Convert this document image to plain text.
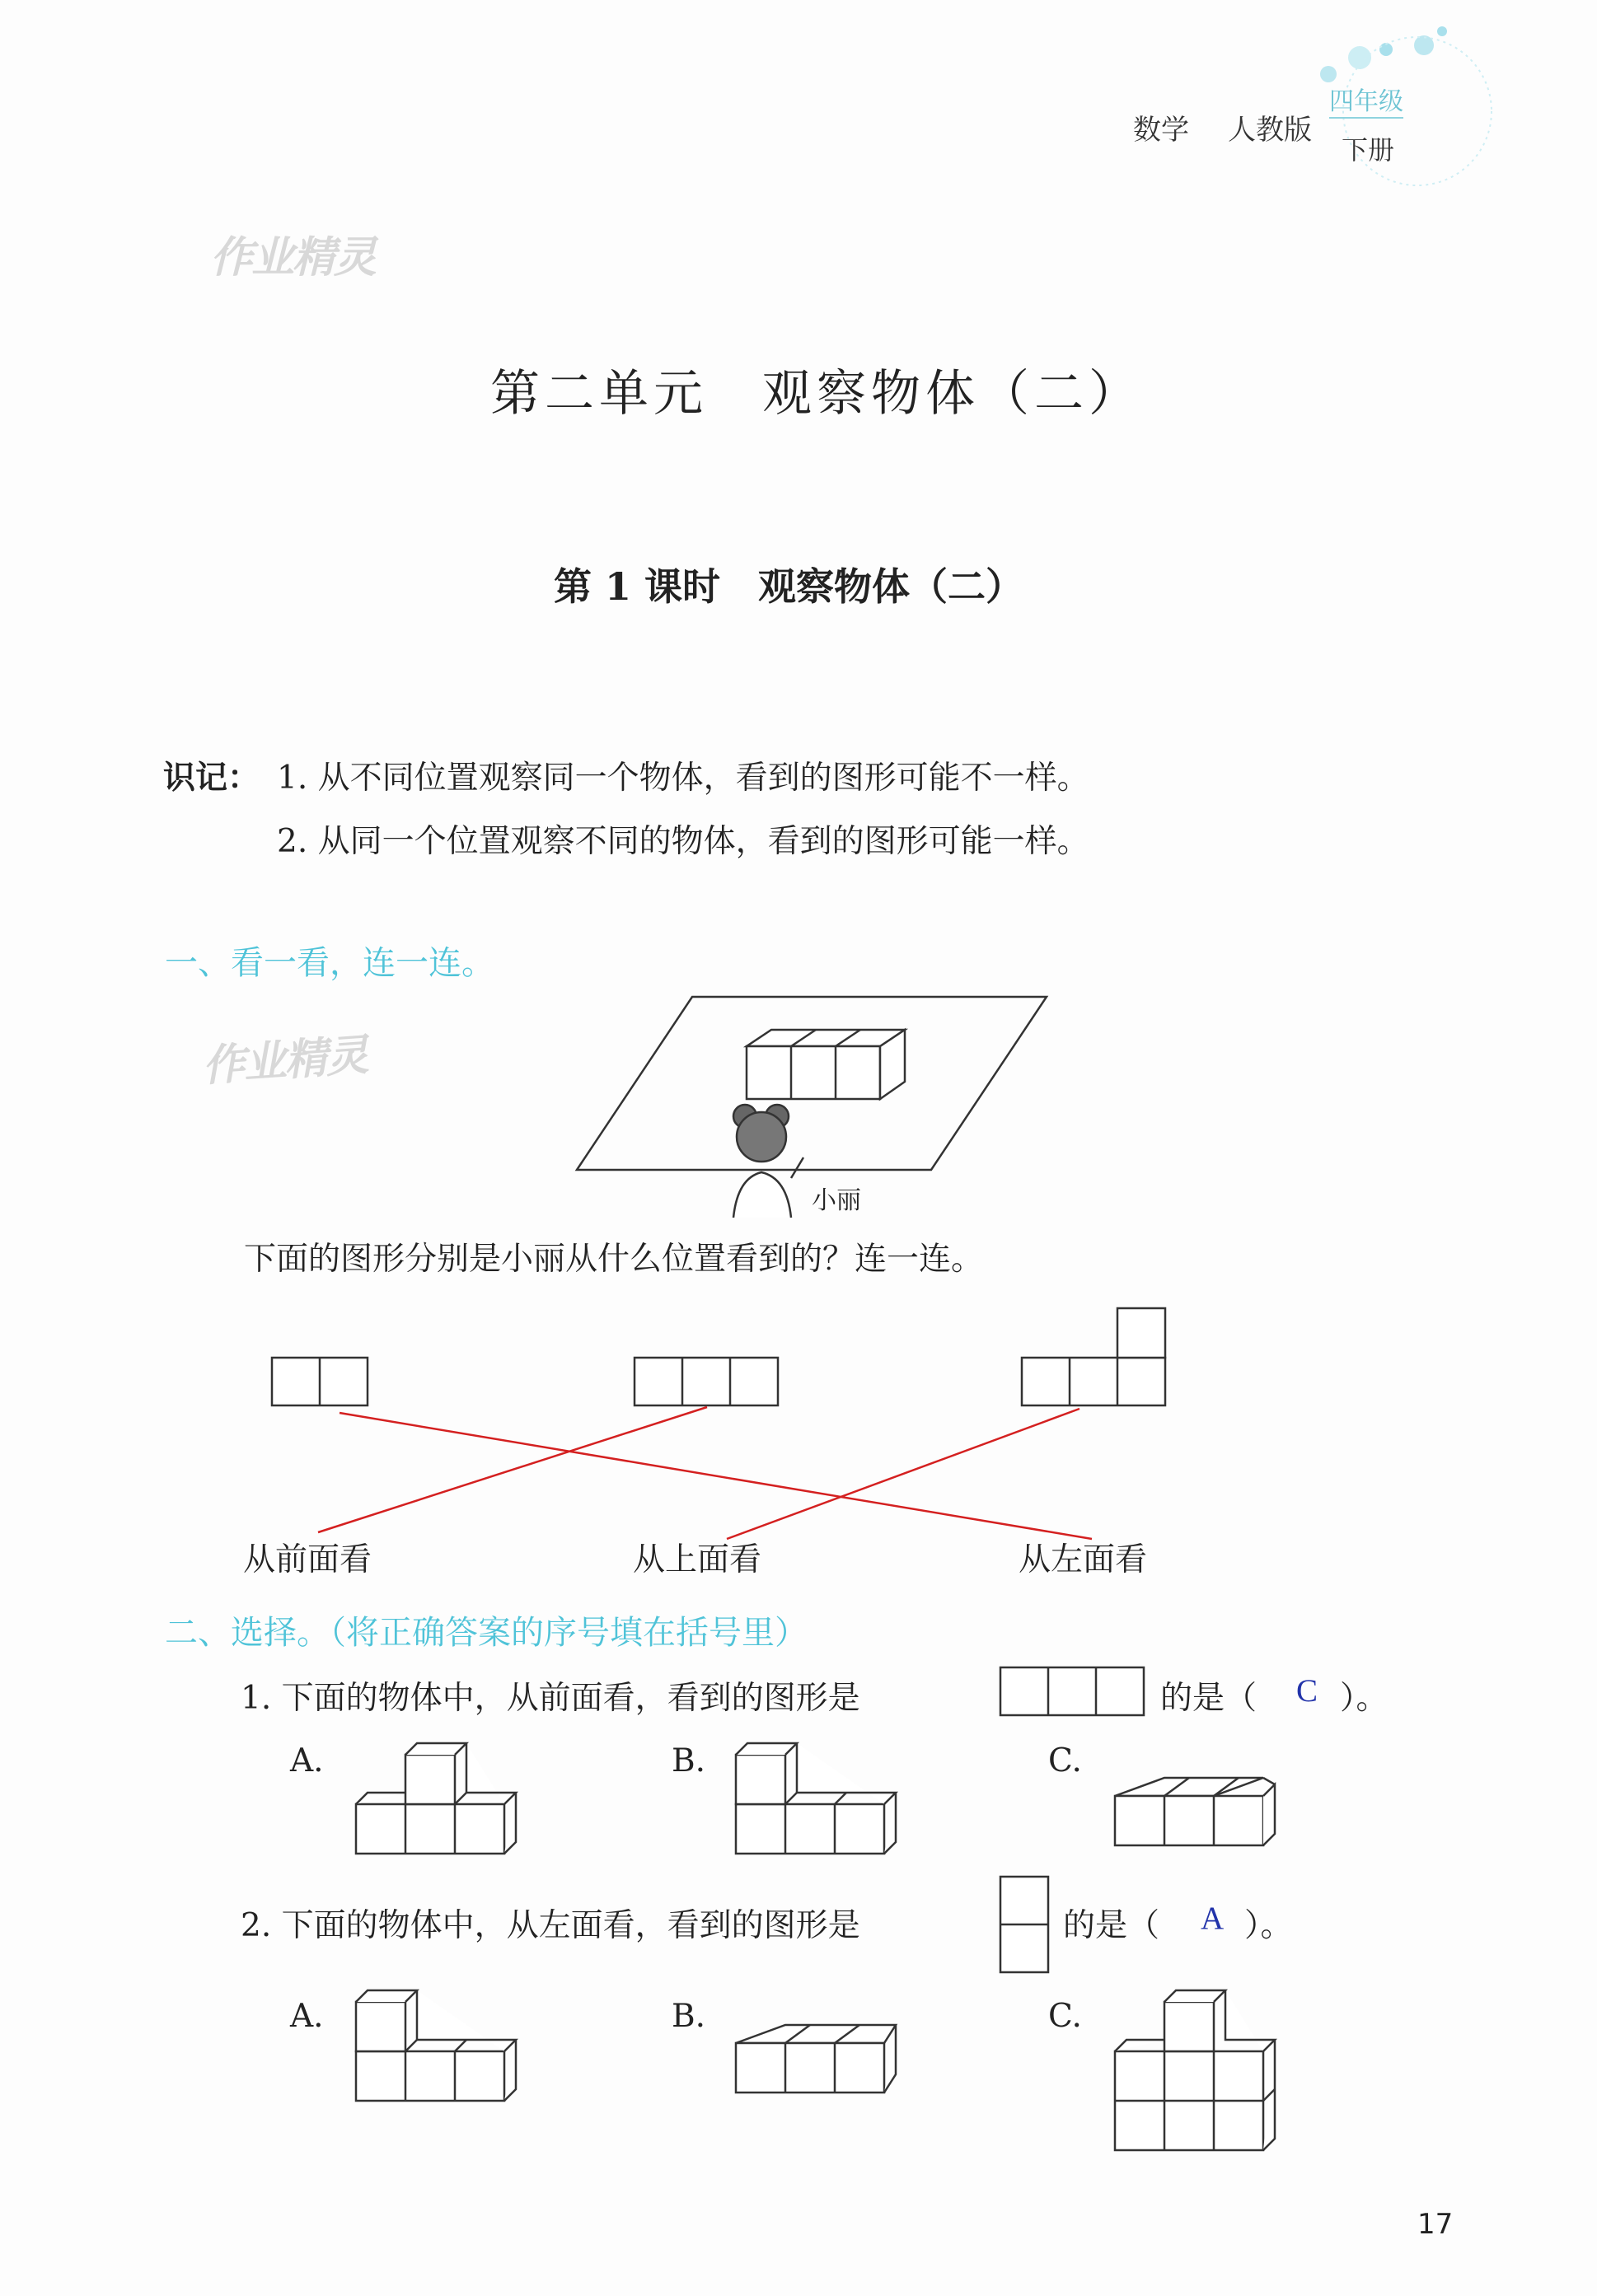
数学 人教版
四年级
下册
作业精灵
作业精灵
第二单元　观察物体（二）
第 1 课时　观察物体（二）
识记： 1. 从不同位置观察同一个物体，看到的图形可能不一样。
2. 从同一个位置观察不同的物体，看到的图形可能一样。
一、看一看，连一连。
小丽
下面的图形分别是小丽从什么位置看到的？连一连。
从前面看	从上面看	从左面看
二、选择。（将正确答案的序号填在括号里）
1. 下面的物体中，从前面看，看到的图形是	的是（ C ）。
A.	B.	C.
2. 下面的物体中，从左面看，看到的图形是	的是（ A ）。
A.	B.	C.
17
